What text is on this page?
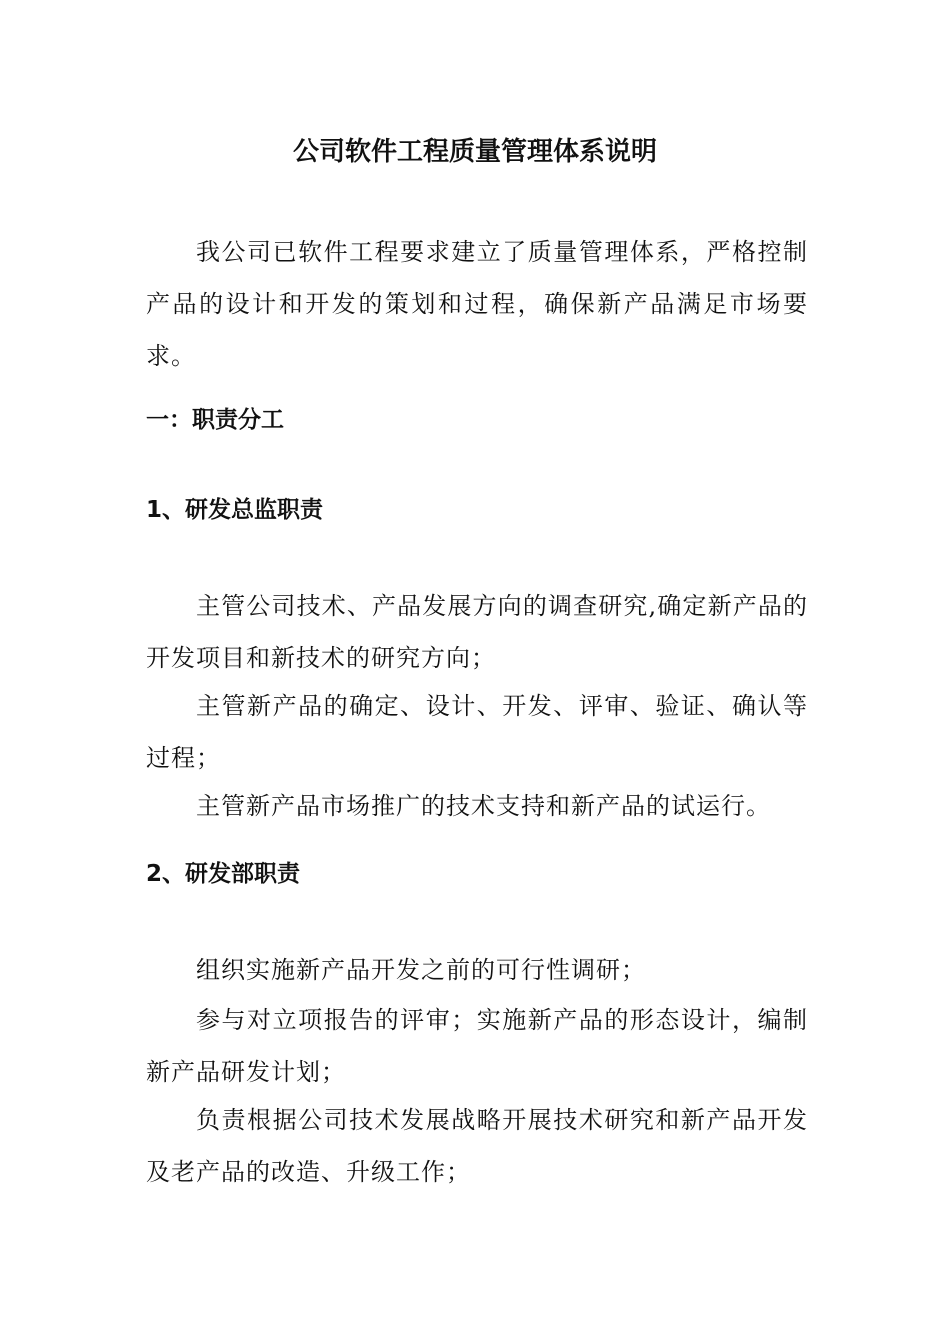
公司软件工程质量管理体系说明
我公司已软件工程要求建立了质量管理体系，严格控制产品的设计和开发的策划和过程，确保新产品满足市场要求。
一：职责分工
1、研发总监职责
主管公司技术、产品发展方向的调查研究,确定新产品的开发项目和新技术的研究方向；
主管新产品的确定、设计、开发、评审、验证、确认等过程；
主管新产品市场推广的技术支持和新产品的试运行。
2、研发部职责
组织实施新产品开发之前的可行性调研；
参与对立项报告的评审；实施新产品的形态设计，编制新产品研发计划；
负责根据公司技术发展战略开展技术研究和新产品开发及老产品的改造、升级工作；
